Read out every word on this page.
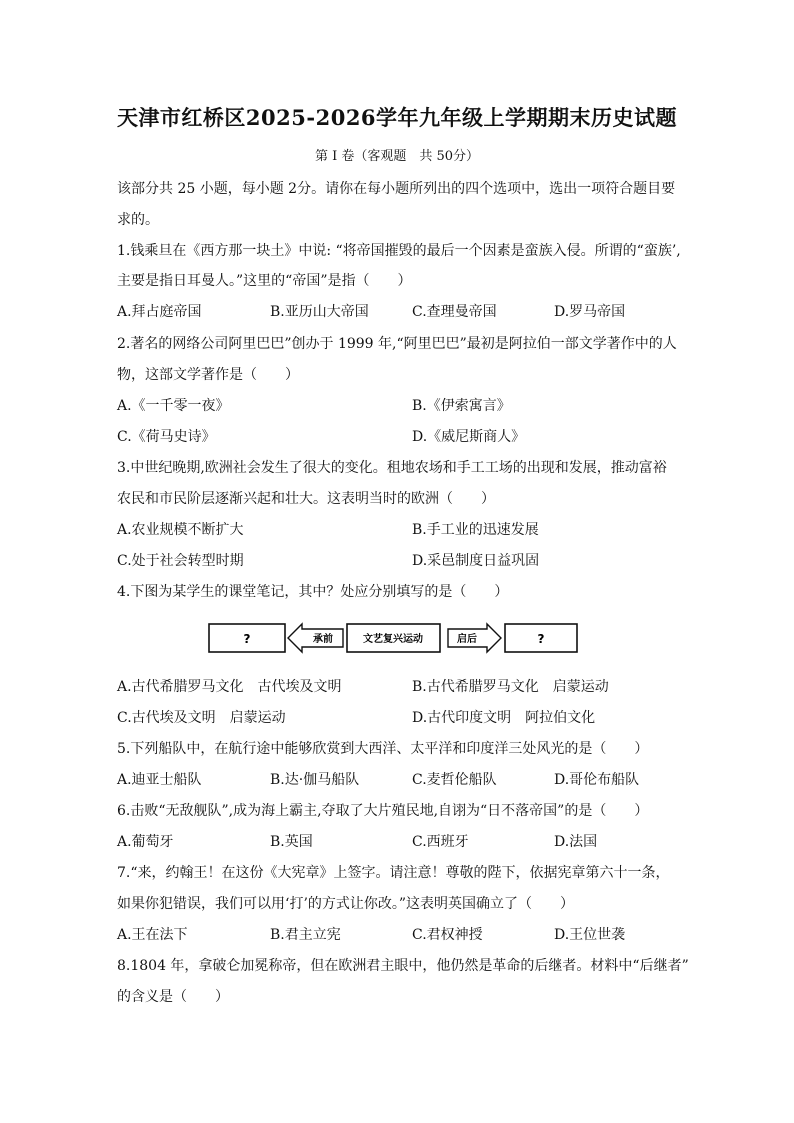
天津市红桥区2025-2026学年九年级上学期期末历史试题
第 I 卷（客观题　共 50分）
该部分共 25 小题，每小题 2分。请你在每小题所列出的四个选项中，选出一项符合题目要
求的。
1.钱乘旦在《西方那一块土》中说: “将帝国摧毁的最后一个因素是蛮族入侵。所谓的“蛮族’,
主要是指日耳曼人。”这里的“帝国”是指（　　）
A.拜占庭帝国	B.亚历山大帝国	C.查理曼帝国	D.罗马帝国
2.著名的网络公司阿里巴巴”创办于 1999 年,“阿里巴巴”最初是阿拉伯一部文学著作中的人
物，这部文学著作是（　　）
A.《一千零一夜》	B.《伊索寓言》
C.《荷马史诗》	D.《威尼斯商人》
3.中世纪晚期,欧洲社会发生了很大的变化。租地农场和手工工场的出现和发展，推动富裕
农民和市民阶层逐渐兴起和壮大。这表明当时的欧洲（　　）
A.农业规模不断扩大	B.手工业的迅速发展
C.处于社会转型时期	D.采邑制度日益巩固
4.下图为某学生的课堂笔记，其中？处应分别填写的是（　　）
?	承前	文艺复兴运动	启后	?
A.古代希腊罗马文化　古代埃及文明	B.古代希腊罗马文化　启蒙运动
C.古代埃及文明　启蒙运动	D.古代印度文明　阿拉伯文化
5.下列船队中，在航行途中能够欣赏到大西洋、太平洋和印度洋三处风光的是（　　）
A.迪亚士船队	B.达·伽马船队	C.麦哲伦船队	D.哥伦布船队
6.击败“无敌舰队”,成为海上霸主,夺取了大片殖民地,自诩为“日不落帝国”的是（　　）
A.葡萄牙	B.英国	C.西班牙	D.法国
7.“来，约翰王！在这份《大宪章》上签字。请注意！尊敬的陛下，依据宪章第六十一条，
如果你犯错误，我们可以用‘打’的方式让你改。”这表明英国确立了（　　）
A.王在法下	B.君主立宪	C.君权神授	D.王位世袭
8.1804 年，拿破仑加冕称帝，但在欧洲君主眼中，他仍然是革命的后继者。材料中“后继者”
的含义是（　　）
